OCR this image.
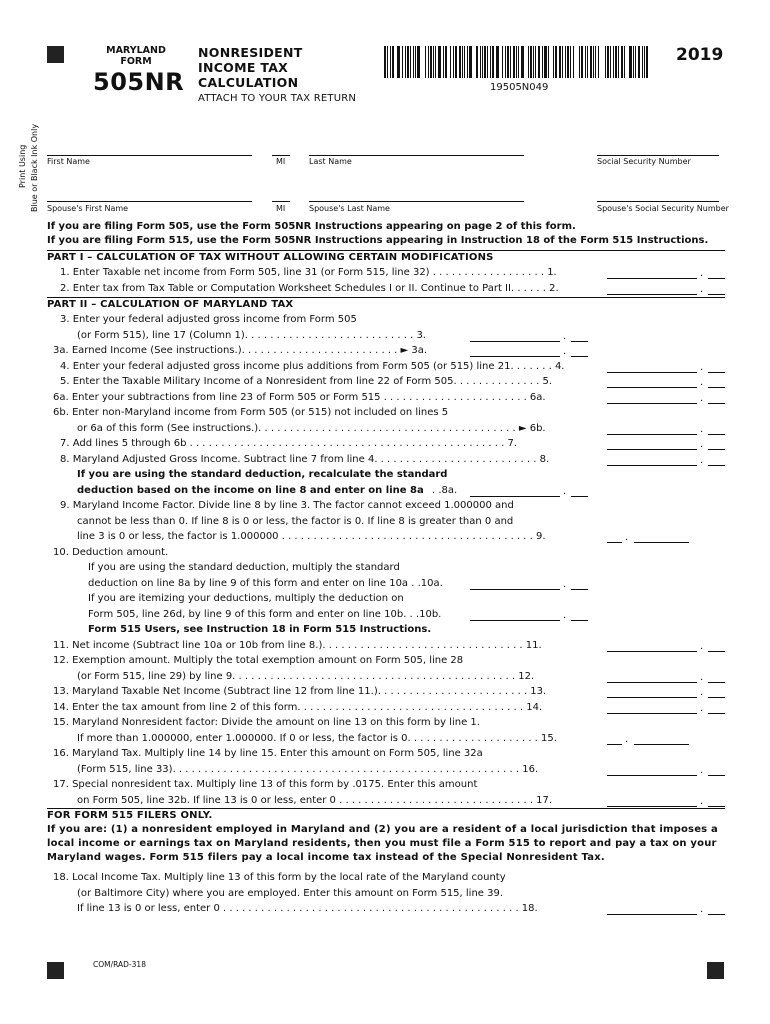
MARYLAND
FORM
505NR
NONRESIDENT
INCOME TAX
CALCULATION
ATTACH TO YOUR TAX RETURN
19505N049
2019
Print Using Blue or Black Ink Only First Name	MI	Last Name	Social Security Number
Spouse's First Name	MI	Spouse's Last Name	Spouse's Social Security Number
If you are filing Form 505, use the Form 505NR Instructions appearing on page 2 of this form.
If you are filing Form 515, use the Form 505NR Instructions appearing in Instruction 18 of the Form 515 Instructions.
PART I – CALCULATION OF TAX WITHOUT ALLOWING CERTAIN MODIFICATIONS
1. Enter Taxable net income from Form 505, line 31 (or Form 515, line 32) . . . . . . . . . . . . . . . . . . 1.
2. Enter tax from Tax Table or Computation Worksheet Schedules I or II. Continue to Part II. . . . . . 2.
PART II – CALCULATION OF MARYLAND TAX
3. Enter your federal adjusted gross income from Form 505
(or Form 515), line 17 (Column 1). . . . . . . . . . . . . . . . . . . . . . . . . . . 3.
3a. Earned Income (See instructions.). . . . . . . . . . . . . . . . . . . . . . . . . ► 3a.
4. Enter your federal adjusted gross income plus additions from Form 505 (or 515) line 21. . . . . . . 4.
5. Enter the Taxable Military Income of a Nonresident from line 22 of Form 505. . . . . . . . . . . . . . 5.
6a. Enter your subtractions from line 23 of Form 505 or Form 515 . . . . . . . . . . . . . . . . . . . . . . . 6a.
6b. Enter non-Maryland income from Form 505 (or 515) not included on lines 5
or 6a of this form (See instructions.). . . . . . . . . . . . . . . . . . . . . . . . . . . . . . . . . . . . . . . . . ► 6b.
7. Add lines 5 through 6b . . . . . . . . . . . . . . . . . . . . . . . . . . . . . . . . . . . . . . . . . . . . . . . . . . 7.
8. Maryland Adjusted Gross Income. Subtract line 7 from line 4. . . . . . . . . . . . . . . . . . . . . . . . . . 8.
If you are using the standard deduction, recalculate the standard
deduction based on the income on line 8 and enter on line 8a . .8a.
9. Maryland Income Factor. Divide line 8 by line 3. The factor cannot exceed 1.000000 and
cannot be less than 0. If line 8 is 0 or less, the factor is 0. If line 8 is greater than 0 and
line 3 is 0 or less, the factor is 1.000000 . . . . . . . . . . . . . . . . . . . . . . . . . . . . . . . . . . . . . . . . 9.
10. Deduction amount.
If you are using the standard deduction, multiply the standard
deduction on line 8a by line 9 of this form and enter on line 10a . .10a.
If you are itemizing your deductions, multiply the deduction on
Form 505, line 26d, by line 9 of this form and enter on line 10b. . .10b.
Form 515 Users, see Instruction 18 in Form 515 Instructions.
11. Net income (Subtract line 10a or 10b from line 8.). . . . . . . . . . . . . . . . . . . . . . . . . . . . . . . . 11.
12. Exemption amount. Multiply the total exemption amount on Form 505, line 28
(or Form 515, line 29) by line 9. . . . . . . . . . . . . . . . . . . . . . . . . . . . . . . . . . . . . . . . . . . . . 12.
13. Maryland Taxable Net Income (Subtract line 12 from line 11.). . . . . . . . . . . . . . . . . . . . . . . . 13.
14. Enter the tax amount from line 2 of this form. . . . . . . . . . . . . . . . . . . . . . . . . . . . . . . . . . . . 14.
15. Maryland Nonresident factor: Divide the amount on line 13 on this form by line 1.
If more than 1.000000, enter 1.000000. If 0 or less, the factor is 0. . . . . . . . . . . . . . . . . . . . . 15.
16. Maryland Tax. Multiply line 14 by line 15. Enter this amount on Form 505, line 32a
(Form 515, line 33). . . . . . . . . . . . . . . . . . . . . . . . . . . . . . . . . . . . . . . . . . . . . . . . . . . . . . . 16.
17. Special nonresident tax. Multiply line 13 of this form by .0175. Enter this amount
on Form 505, line 32b. If line 13 is 0 or less, enter 0 . . . . . . . . . . . . . . . . . . . . . . . . . . . . . . . 17.
FOR FORM 515 FILERS ONLY.
If you are: (1) a nonresident employed in Maryland and (2) you are a resident of a local jurisdiction that imposes a
local income or earnings tax on Maryland residents, then you must file a Form 515 to report and pay a tax on your
Maryland wages. Form 515 filers pay a local income tax instead of the Special Nonresident Tax.
18. Local Income Tax. Multiply line 13 of this form by the local rate of the Maryland county
(or Baltimore City) where you are employed. Enter this amount on Form 515, line 39.
If line 13 is 0 or less, enter 0 . . . . . . . . . . . . . . . . . . . . . . . . . . . . . . . . . . . . . . . . . . . . . . . 18.
.
.
.
.
.
.
.
.
.
.
.
.
.
.
.
.
.
.
.
.
.
.
COM/RAD-318
